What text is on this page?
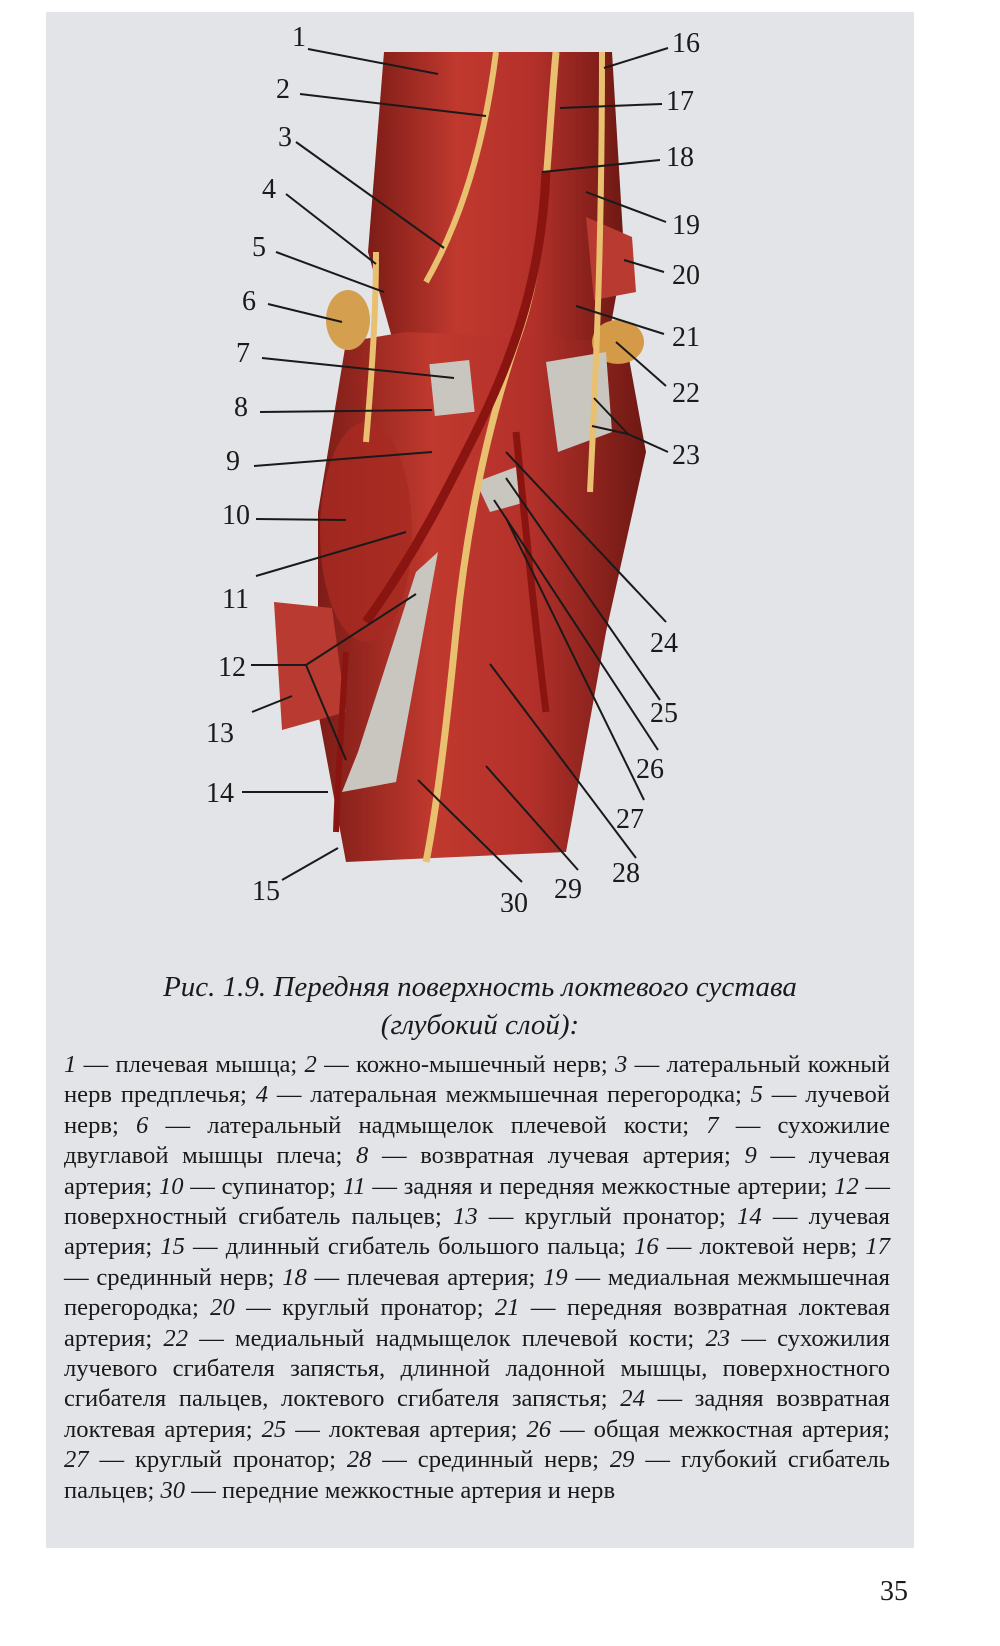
1
2
3
4
5
6
7
8
9
10
11
12
13
14
15
16
17
18
19
20
21
22
23
24
25
26
27
28
29
30

Рис. 1.9. Передняя поверхность локтевого сустава

(глубокий слой):

1 — плечевая мышца; 2 — кожно-мышечный нерв; 3 — латеральный кожный нерв предплечья; 4 — латеральная межмышечная перегородка; 5 — лучевой нерв; 6 — латеральный надмыщелок плечевой кости; 7 — сухожилие двуглавой мышцы плеча; 8 — возвратная лучевая артерия; 9 — лучевая артерия; 10 — супинатор; 11 — задняя и передняя межкостные артерии; 12 — поверхностный сгибатель пальцев; 13 — круглый пронатор; 14 — лучевая артерия; 15 — длинный сгибатель большого пальца; 16 — локтевой нерв; 17 — срединный нерв; 18 — плечевая артерия; 19 — медиальная межмышечная перегородка; 20 — круглый пронатор; 21 — передняя возвратная локтевая артерия; 22 — медиальный надмыщелок плечевой кости; 23 — сухожилия лучевого сгибателя запястья, длинной ладонной мышцы, поверхностного сгибателя пальцев, локтевого сгибателя запястья; 24 — задняя возвратная локтевая артерия; 25 — локтевая артерия; 26 — общая межкостная артерия; 27 — круглый пронатор; 28 — срединный нерв; 29 — глубокий сгибатель пальцев; 30 — передние межкостные артерия и нерв
35
